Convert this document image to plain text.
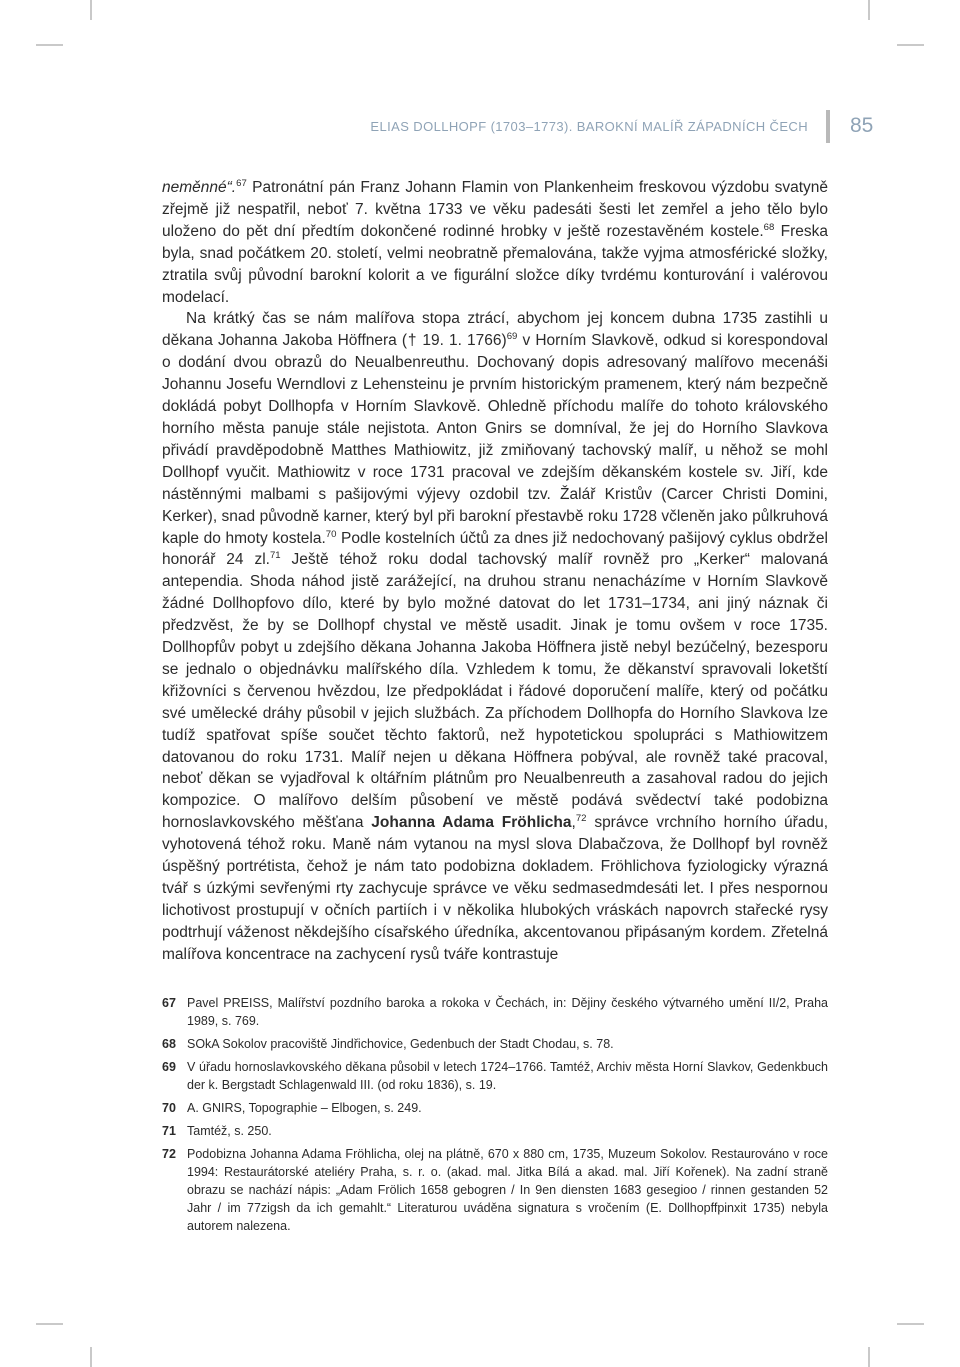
ELIAS DOLLHOPF (1703–1773). BAROKNÍ MALÍŘ ZÁPADNÍCH ČECH 85

neměnné“.$^{67}$ Patronátní pán Franz Johann Flamin von Plankenheim freskovou výzdobu svatyně zřejmě již nespatřil, neboť 7. května 1733 ve věku padesáti šesti let zemřel a jeho tělo bylo uloženo do pět dní předtím dokončené rodinné hrobky v ještě rozestavěném kostele.$^{68}$ Freska byla, snad počátkem 20. století, velmi neobratně přemalována, takže vyjma atmosférické složky, ztratila svůj původní barokní kolorit a ve figurální složce díky tvrdému konturování i valérovou modelací.

Na krátký čas se nám malířova stopa ztrácí, abychom jej koncem dubna 1735 zastihli u děkana Johanna Jakoba Höffnera († 19. 1. 1766)$^{69}$ v Horním Slavkově, odkud si korespondoval o dodání dvou obrazů do Neualbenreuthu. Dochovaný dopis adresovaný malířovo mecenáši Johannu Josefu Werndlovi z Lehensteinu je prvním historickým pramenem, který nám bezpečně dokládá pobyt Dollhopfa v Horním Slavkově. Ohledně příchodu malíře do tohoto královského horního města panuje stále nejistota. Anton Gnirs se domníval, že jej do Horního Slavkova přivádí pravděpodobně Matthes Mathiowitz, již zmiňovaný tachovský malíř, u něhož se mohl Dollhopf vyučit. Mathiowitz v roce 1731 pracoval ve zdejším děkanském kostele sv. Jiří, kde nástěnnými malbami s pašijovými výjevy ozdobil tzv. Žalář Kristův (Carcer Christi Domini, Kerker), snad původně karner, který byl při barokní přestavbě roku 1728 včleněn jako půlkruhová kaple do hmoty kostela.$^{70}$ Podle kostelních účtů za dnes již nedochovaný pašijový cyklus obdržel honorář 24 zl.$^{71}$ Ještě téhož roku dodal tachovský malíř rovněž pro „Kerker“ malovaná antependia. Shoda náhod jistě zarážející, na druhou stranu nenacházíme v Horním Slavkově žádné Dollhopfovo dílo, které by bylo možné datovat do let 1731–1734, ani jiný náznak či předzvěst, že by se Dollhopf chystal ve městě usadit. Jinak je tomu ovšem v roce 1735. Dollhopfův pobyt u zdejšího děkana Johanna Jakoba Höffnera jistě nebyl bezúčelný, bezesporu se jednalo o objednávku malířského díla. Vzhledem k tomu, že děkanství spravovali loketští křižovníci s červenou hvězdou, lze předpokládat i řádové doporučení malíře, který od počátku své umělecké dráhy působil v jejich službách. Za příchodem Dollhopfa do Horního Slavkova lze tudíž spatřovat spíše součet těchto faktorů, než hypotetickou spolupráci s Mathiowitzem datovanou do roku 1731. Malíř nejen u děkana Höffnera pobýval, ale rovněž také pracoval, neboť děkan se vyjadřoval k oltářním plátnům pro Neualbenreuth a zasahoval radou do jejich kompozice. O malířovo delším působení ve městě podává svědectví také podobizna hornoslavkovského měšťana Johanna Adama Fröhlicha,$^{72}$ správce vrchního horního úřadu, vyhotovená téhož roku. Maně nám vytanou na mysl slova Dlabačzova, že Dollhopf byl rovněž úspěšný portrétista, čehož je nám tato podobizna dokladem. Fröhlichova fyziologicky výrazná tvář s úzkými sevřenými rty zachycuje správce ve věku sedmasedmdesáti let. I přes nespornou lichotivost prostupují v očních partiích i v několika hlubokých vráskách napovrch stařecké rysy podtrhují váženost někdejšího císařského úředníka, akcentovanou připásaným kordem. Zřetelná malířova koncentrace na zachycení rysů tváře kontrastuje

67 Pavel PREISS, Malířství pozdního baroka a rokoka v Čechách, in: Dějiny českého výtvarného umění II/2, Praha 1989, s. 769.
68 SOkA Sokolov pracoviště Jindřichovice, Gedenbuch der Stadt Chodau, s. 78.
69 V úřadu hornoslavkovského děkana působil v letech 1724–1766. Tamtéž, Archiv města Horní Slavkov, Gedenkbuch der k. Bergstadt Schlagenwald III. (od roku 1836), s. 19.
70 A. GNIRS, Topographie – Elbogen, s. 249.
71 Tamtéž, s. 250.
72 Podobizna Johanna Adama Fröhlicha, olej na plátně, 670 x 880 cm, 1735, Muzeum Sokolov. Restaurováno v roce 1994: Restaurátorské ateliéry Praha, s. r. o. (akad. mal. Jitka Bílá a akad. mal. Jiří Kořenek). Na zadní straně obrazu se nachází nápis: „Adam Frölich 1658 gebogren / In 9en diensten 1683 gesegioo / rinnen gestanden 52 Jahr / im 77zigsh da ich gemahlt.“ Literaturou uváděna signatura s vročením (E. Dollhopffpinxit 1735) nebyla autorem nalezena.
